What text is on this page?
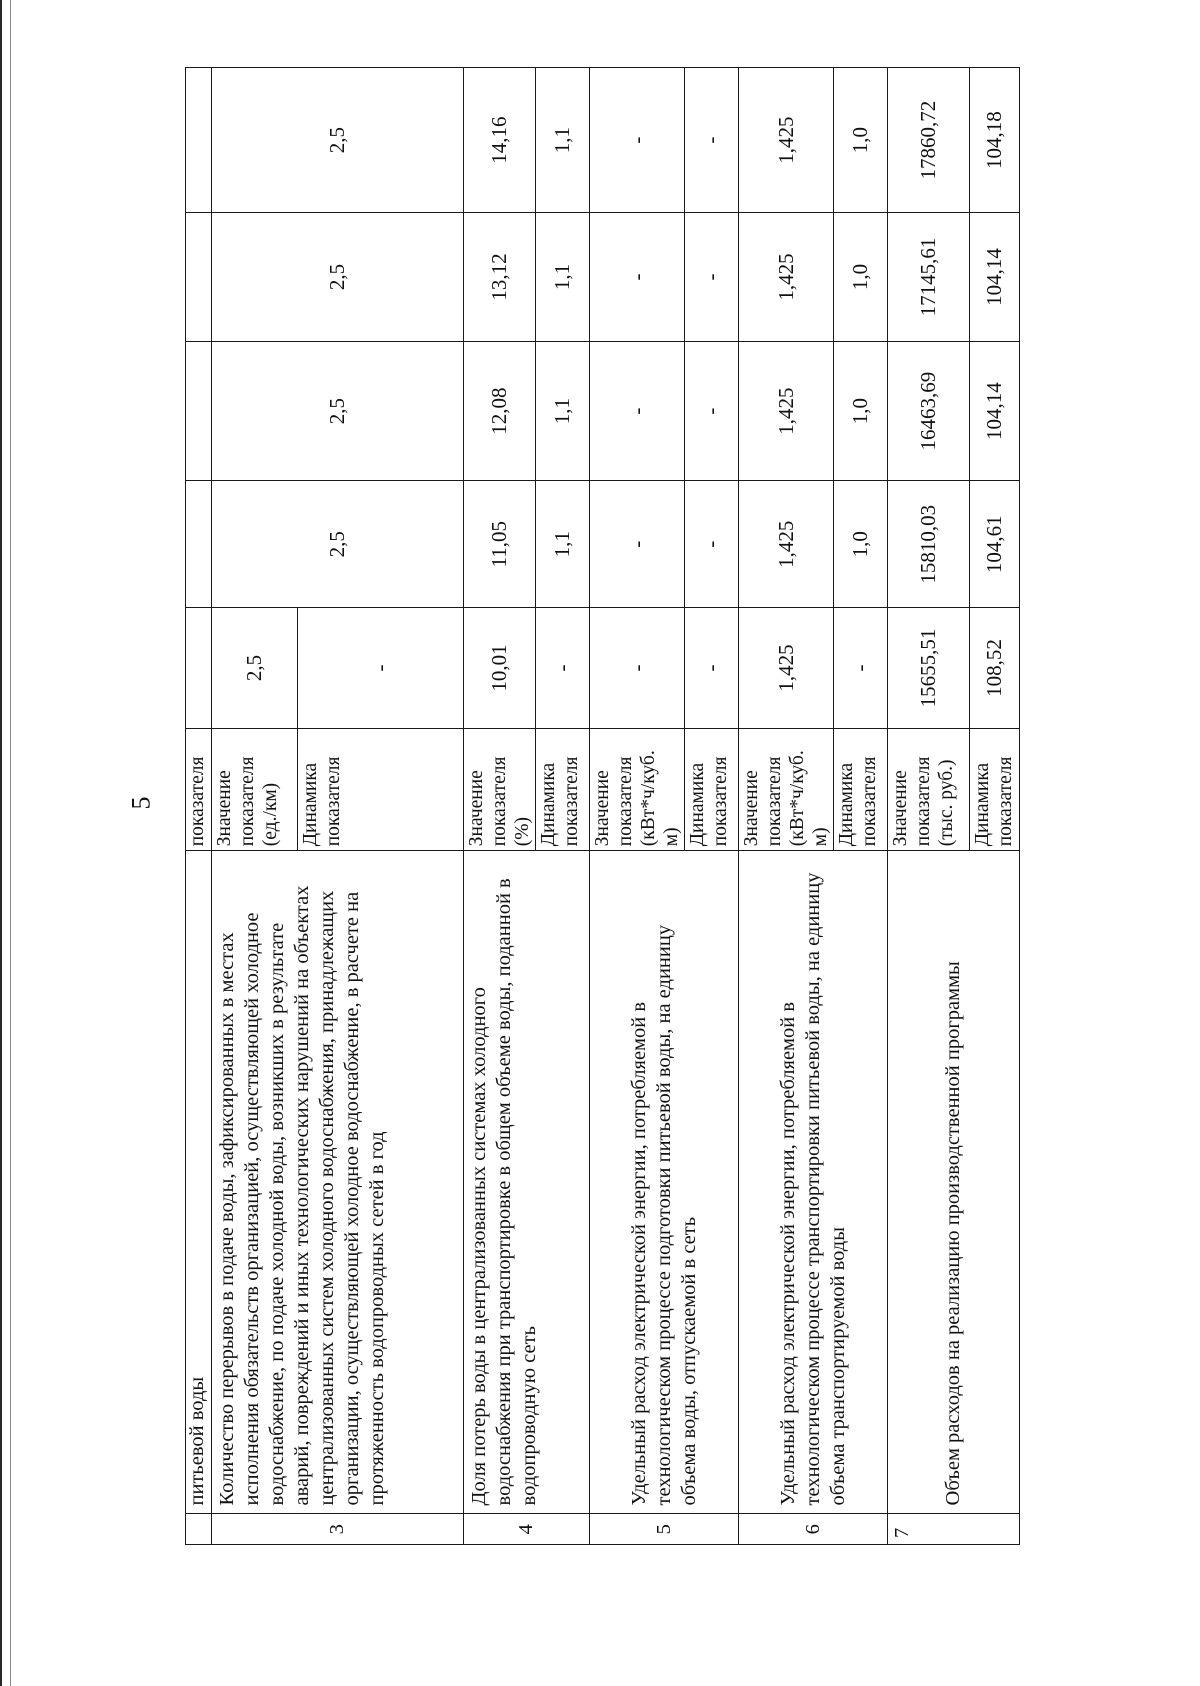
5
	питьевой воды	показателя					
3	Количество перерывов в подаче воды, зафиксированных в местах исполнения обязательств организацией, осуществляющей холодное водоснабжение, по подаче холодной воды, возникших в результате аварий, повреждений и иных технологических нарушений на объектах централизованных систем холодного водоснабжения, принадлежащих организации, осуществляющей холодное водоснабжение, в расчете на протяженность водопроводных сетей в год	Значение показателя (ед./км)	2,5	2,5	2,5	2,5	2,5
		Динамика показателя	-				

4	Доля потерь воды в централизованных системах холодного водоснабжения при транспортировке в общем объеме воды, поданной в водопроводную сеть	Значение показателя (%)	10,01	11,05	12,08	13,12	14,16
		Динамика показателя	-	1,1	1,1	1,1	1,1
5	Удельный расход электрической энергии, потребляемой в технологическом процессе подготовки питьевой воды, на единицу объема воды, отпускаемой в сеть	Значение показателя (кВт*ч/куб. м)	-	-	-	-	-
		Динамика показателя	-	-	-	-	-
6	Удельный расход электрической энергии, потребляемой в технологическом процессе транспортировки питьевой воды, на единицу объема транспортируемой воды	Значение показателя (кВт*ч/куб. м)	1,425	1,425	1,425	1,425	1,425
		Динамика показателя	-	1,0	1,0	1,0	1,0
7	Объем расходов на реализацию производственной программы	Значение показателя (тыс. руб.)	15655,51	15810,03	16463,69	17145,61	17860,72
		Динамика показателя	108,52	104,61	104,14	104,14	104,18
